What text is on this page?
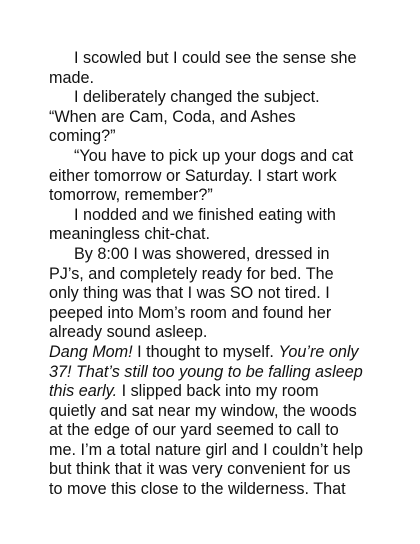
I scowled but I could see the sense she
made.
I deliberately changed the subject.
“When are Cam, Coda, and Ashes
coming?”
“You have to pick up your dogs and cat
either tomorrow or Saturday. I start work
tomorrow, remember?”
I nodded and we finished eating with
meaningless chit-chat.
By 8:00 I was showered, dressed in
PJ’s, and completely ready for bed. The
only thing was that I was SO not tired. I
peeped into Mom’s room and found her
already sound asleep.
Dang Mom! I thought to myself. You’re only
37! That’s still too young to be falling asleep
this early. I slipped back into my room
quietly and sat near my window, the woods
at the edge of our yard seemed to call to
me. I’m a total nature girl and I couldn’t help
but think that it was very convenient for us
to move this close to the wilderness. That
